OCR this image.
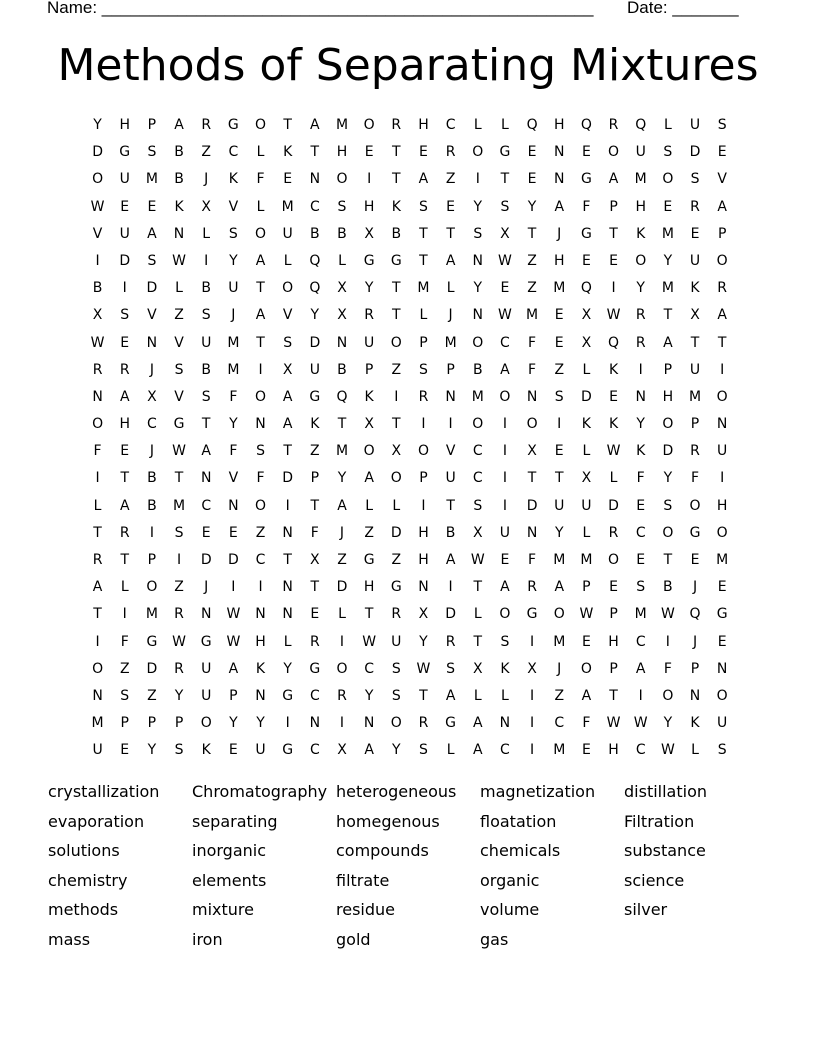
Name: ____________________________________________________ Date: _______
Methods of Separating Mixtures
Y	H	P	A	R	G	O	T	A	M	O	R	H	C	L	L	Q	H	Q	R	Q	L	U	S
D	G	S	B	Z	C	L	K	T	H	E	T	E	R	O	G	E	N	E	O	U	S	D	E
O	U	M	B	J	K	F	E	N	O	I	T	A	Z	I	T	E	N	G	A	M	O	S	V
W	E	E	K	X	V	L	M	C	S	H	K	S	E	Y	S	Y	A	F	P	H	E	R	A
V	U	A	N	L	S	O	U	B	B	X	B	T	T	S	X	T	J	G	T	K	M	E	P
I	D	S	W	I	Y	A	L	Q	L	G	G	T	A	N	W	Z	H	E	E	O	Y	U	O
B	I	D	L	B	U	T	O	Q	X	Y	T	M	L	Y	E	Z	M	Q	I	Y	M	K	R
X	S	V	Z	S	J	A	V	Y	X	R	T	L	J	N	W	M	E	X	W	R	T	X	A
W	E	N	V	U	M	T	S	D	N	U	O	P	M	O	C	F	E	X	Q	R	A	T	T
R	R	J	S	B	M	I	X	U	B	P	Z	S	P	B	A	F	Z	L	K	I	P	U	I
N	A	X	V	S	F	O	A	G	Q	K	I	R	N	M	O	N	S	D	E	N	H	M	O
O	H	C	G	T	Y	N	A	K	T	X	T	I	I	O	I	O	I	K	K	Y	O	P	N
F	E	J	W	A	F	S	T	Z	M	O	X	O	V	C	I	X	E	L	W	K	D	R	U
I	T	B	T	N	V	F	D	P	Y	A	O	P	U	C	I	T	T	X	L	F	Y	F	I
L	A	B	M	C	N	O	I	T	A	L	L	I	T	S	I	D	U	U	D	E	S	O	H
T	R	I	S	E	E	Z	N	F	J	Z	D	H	B	X	U	N	Y	L	R	C	O	G	O
R	T	P	I	D	D	C	T	X	Z	G	Z	H	A	W	E	F	M	M	O	E	T	E	M
A	L	O	Z	J	I	I	N	T	D	H	G	N	I	T	A	R	A	P	E	S	B	J	E
T	I	M	R	N	W	N	N	E	L	T	R	X	D	L	O	G	O	W	P	M	W	Q	G
I	F	G	W	G	W	H	L	R	I	W	U	Y	R	T	S	I	M	E	H	C	I	J	E
O	Z	D	R	U	A	K	Y	G	O	C	S	W	S	X	K	X	J	O	P	A	F	P	N
N	S	Z	Y	U	P	N	G	C	R	Y	S	T	A	L	L	I	Z	A	T	I	O	N	O
M	P	P	P	O	Y	Y	I	N	I	N	O	R	G	A	N	I	C	F	W W	Y	K	U
U	E	Y	S	K	E	U	G	C	X	A	Y	S	L	A	C	I	M	E	H	C	W	L	S
crystallization	Chromatography heterogeneous	magnetization	distillation
evaporation	separating	homegenous	floatation	Filtration
solutions	inorganic	compounds	chemicals	substance
chemistry	elements	filtrate	organic	science
methods	mixture	residue	volume	silver
mass	iron	gold	gas
